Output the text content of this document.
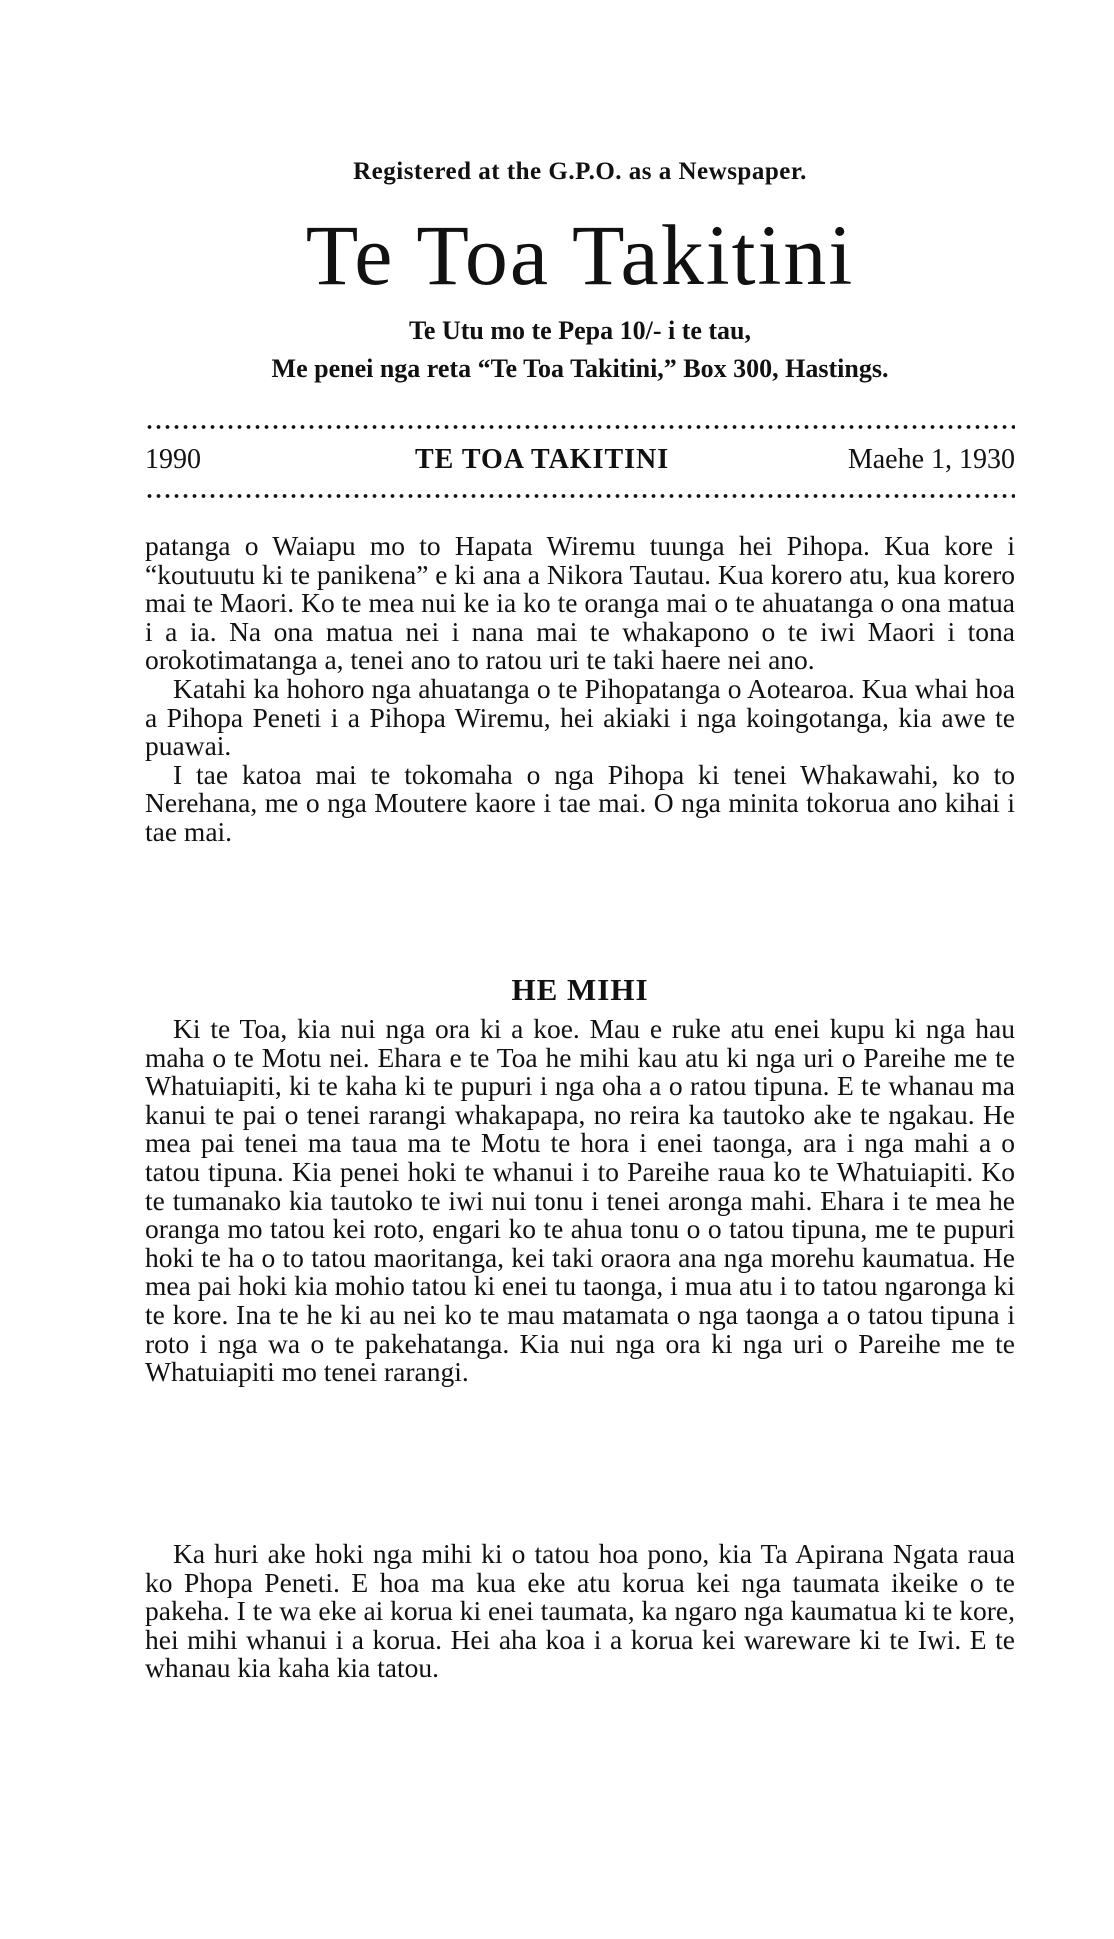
Registered at the G.P.O. as a Newspaper.
Te Toa Takitini
Te Utu mo te Pepa 10/- i te tau,
Me penei nga reta “Te Toa Takitini,” Box 300, Hastings.
1990	TE TOA TAKITINI	Maehe 1, 1930

patanga o Waiapu mo to Hapata Wiremu tuunga hei Pihopa. Kua kore i “koutuutu ki te panikena” e ki ana a Nikora Tautau. Kua korero atu, kua korero mai te Maori. Ko te mea nui ke ia ko te oranga mai o te ahuatanga o ona matua i a ia. Na ona matua nei i nana mai te whakapono o te iwi Maori i tona orokotimatanga a, tenei ano to ratou uri te taki haere nei ano.

Katahi ka hohoro nga ahuatanga o te Pihopatanga o Aotearoa. Kua whai hoa a Pihopa Peneti i a Pihopa Wiremu, hei akiaki i nga koingotanga, kia awe te puawai.

I tae katoa mai te tokomaha o nga Pihopa ki tenei Whakawahi, ko to Nerehana, me o nga Moutere kaore i tae mai. O nga minita tokorua ano kihai i tae mai.

HE MIHI

Ki te Toa, kia nui nga ora ki a koe. Mau e ruke atu enei kupu ki nga hau maha o te Motu nei. Ehara e te Toa he mihi kau atu ki nga uri o Pareihe me te Whatuiapiti, ki te kaha ki te pupuri i nga oha a o ratou tipuna. E te whanau ma kanui te pai o tenei rarangi whakapapa, no reira ka tautoko ake te ngakau. He mea pai tenei ma taua ma te Motu te hora i enei taonga, ara i nga mahi a o tatou tipuna. Kia penei hoki te whanui i to Pareihe raua ko te Whatuiapiti. Ko te tumanako kia tautoko te iwi nui tonu i tenei aronga mahi. Ehara i te mea he oranga mo tatou kei roto, engari ko te ahua tonu o o tatou tipuna, me te pupuri hoki te ha o to tatou maoritanga, kei taki oraora ana nga morehu kaumatua. He mea pai hoki kia mohio tatou ki enei tu taonga, i mua atu i to tatou ngaronga ki te kore. Ina te he ki au nei ko te mau matamata o nga taonga a o tatou tipuna i roto i nga wa o te pakehatanga. Kia nui nga ora ki nga uri o Pareihe me te Whatuiapiti mo tenei rarangi.

Ka huri ake hoki nga mihi ki o tatou hoa pono, kia Ta Apirana Ngata raua ko Phopa Peneti. E hoa ma kua eke atu korua kei nga taumata ikeike o te pakeha. I te wa eke ai korua ki enei taumata, ka ngaro nga kaumatua ki te kore, hei mihi whanui i a korua. Hei aha koa i a korua kei wareware ki te Iwi. E te whanau kia kaha kia tatou.
